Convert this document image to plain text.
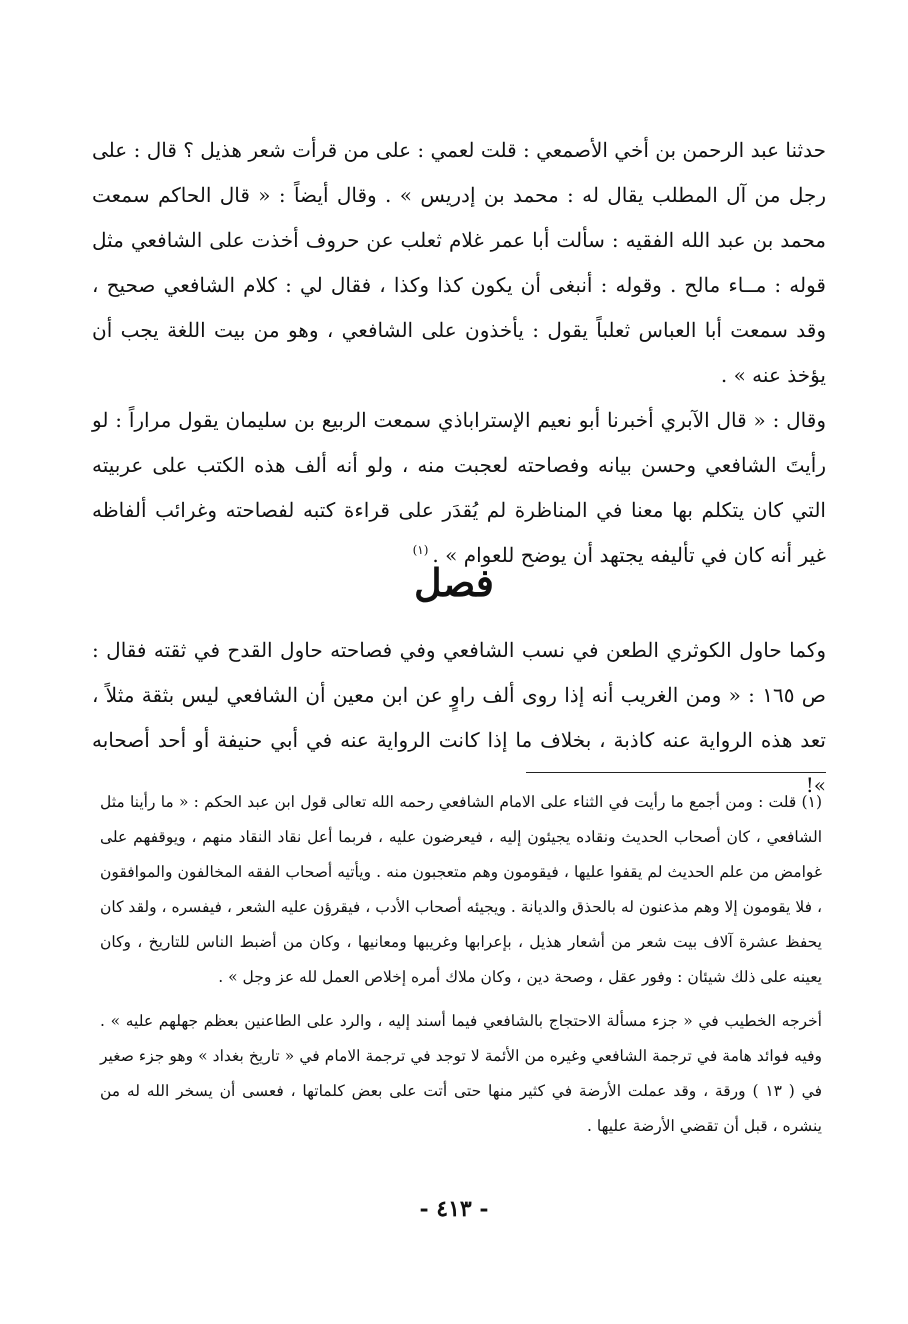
حدثنا عبد الرحمن بن أخي الأصمعي : قلت لعمي : على من قرأت شعر هذيل ؟ قال : على رجل من آل المطلب يقال له : محمد بن إدريس » . وقال أيضاً : « قال الحاكم سمعت محمد بن عبد الله الفقيه : سألت أبا عمر غلام ثعلب عن حروف أخذت على الشافعي مثل قوله : مــاء مالح . وقوله : أنبغى أن يكون كذا وكذا ، فقال لي : كلام الشافعي صحيح ، وقد سمعت أبا العباس ثعلباً يقول : يأخذون على الشافعي ، وهو من بيت اللغة يجب أن يؤخذ عنه » .

وقال : « قال الآبري أخبرنا أبو نعيم الإستراباذي سمعت الربيع بن سليمان يقول مراراً : لو رأيتَ الشافعي وحسن بيانه وفصاحته لعجبت منه ، ولو أنه ألف هذه الكتب على عربيته التي كان يتكلم بها معنا في المناظرة لم يُقدَر على قراءة كتبه لفصاحته وغرائب ألفاظه غير أنه كان في تأليفه يجتهد أن يوضح للعوام » .$^{(١)}$

فصل

وكما حاول الكوثري الطعن في نسب الشافعي وفي فصاحته حاول القدح في ثقته فقال : ص ١٦٥ : « ومن الغريب أنه إذا روى ألف راوٍ عن ابن معين أن الشافعي ليس بثقة مثلاً ، تعد هذه الرواية عنه كاذبة ، بخلاف ما إذا كانت الرواية عنه في أبي حنيفة أو أحد أصحابه »!

(١) قلت : ومن أجمع ما رأيت في الثناء على الامام الشافعي رحمه الله تعالى قول ابن عبد الحكم : « ما رأينا مثل الشافعي ، كان أصحاب الحديث ونقاده يجيئون إليه ، فيعرضون عليه ، فربما أعل نقاد النقاد منهم ، ويوقفهم على غوامض من علم الحديث لم يقفوا عليها ، فيقومون وهم متعجبون منه . ويأتيه أصحاب الفقه المخالفون والموافقون ، فلا يقومون إلا وهم مذعنون له بالحذق والديانة . ويجيئه أصحاب الأدب ، فيقرؤن عليه الشعر ، فيفسره ، ولقد كان يحفظ عشرة آلاف بيت شعر من أشعار هذيل ، بإعرابها وغريبها ومعانيها ، وكان من أضبط الناس للتاريخ ، وكان يعينه على ذلك شيئان : وفور عقل ، وصحة دين ، وكان ملاك أمره إخلاص العمل لله عز وجل » .

أخرجه الخطيب في « جزء مسألة الاحتجاج بالشافعي فيما أسند إليه ، والرد على الطاعنين بعظم جهلهم عليه » . وفيه فوائد هامة في ترجمة الشافعي وغيره من الأئمة لا توجد في ترجمة الامام في « تاريخ بغداد » وهو جزء صغير في ( ١٣ ) ورقة ، وقد عملت الأرضة في كثير منها حتى أتت على بعض كلماتها ، فعسى أن يسخر الله له من ينشره ، قبل أن تقضي الأرضة عليها .

- ٤١٣ -
